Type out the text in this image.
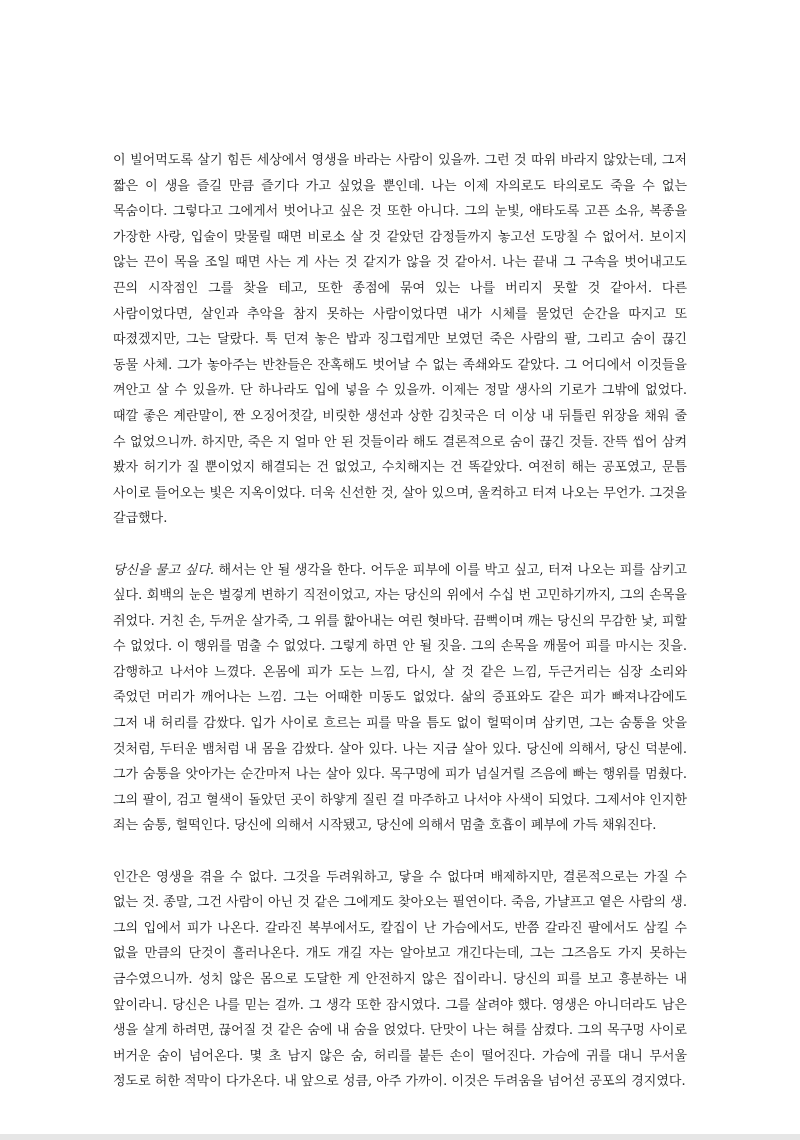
이 빌어먹도록 살기 힘든 세상에서 영생을 바라는 사람이 있을까. 그런 것 따위 바라지 않았는데, 그저 짧은 이 생을 즐길 만큼 즐기다 가고 싶었을 뿐인데. 나는 이제 자의로도 타의로도 죽을 수 없는 목숨이다. 그렇다고 그에게서 벗어나고 싶은 것 또한 아니다. 그의 눈빛, 애타도록 고픈 소유, 복종을 가장한 사랑, 입술이 맞물릴 때면 비로소 살 것 같았던 감정들까지 놓고선 도망칠 수 없어서. 보이지 않는 끈이 목을 조일 때면 사는 게 사는 것 같지가 않을 것 같아서. 나는 끝내 그 구속을 벗어내고도 끈의 시작점인 그를 찾을 테고, 또한 종점에 묶여 있는 나를 버리지 못할 것 같아서. 다른 사람이었다면, 살인과 추악을 참지 못하는 사람이었다면 내가 시체를 물었던 순간을 따지고 또 따졌겠지만, 그는 달랐다. 툭 던져 놓은 밥과 징그럽게만 보였던 죽은 사람의 팔, 그리고 숨이 끊긴 동물 사체. 그가 놓아주는 반찬들은 잔혹해도 벗어날 수 없는 족쇄와도 같았다. 그 어디에서 이것들을 껴안고 살 수 있을까. 단 하나라도 입에 넣을 수 있을까. 이제는 정말 생사의 기로가 그밖에 없었다. 때깔 좋은 계란말이, 짠 오징어젓갈, 비릿한 생선과 상한 김칫국은 더 이상 내 뒤틀린 위장을 채워 줄 수 없었으니까. 하지만, 죽은 지 얼마 안 된 것들이라 해도 결론적으로 숨이 끊긴 것들. 잔뜩 씹어 삼켜 봤자 허기가 질 뿐이었지 해결되는 건 없었고, 수치해지는 건 똑같았다. 여전히 해는 공포였고, 문틈 사이로 들어오는 빛은 지옥이었다. 더욱 신선한 것, 살아 있으며, 울컥하고 터져 나오는 무언가. 그것을 갈급했다.

당신을 물고 싶다. 해서는 안 될 생각을 한다. 어두운 피부에 이를 박고 싶고, 터져 나오는 피를 삼키고 싶다. 회백의 눈은 벌겋게 변하기 직전이었고, 자는 당신의 위에서 수십 번 고민하기까지, 그의 손목을 쥐었다. 거친 손, 두꺼운 살가죽, 그 위를 핥아내는 여린 혓바닥. 끔뻑이며 깨는 당신의 무감한 낯, 피할 수 없었다. 이 행위를 멈출 수 없었다. 그렇게 하면 안 될 짓을. 그의 손목을 깨물어 피를 마시는 짓을. 감행하고 나서야 느꼈다. 온몸에 피가 도는 느낌, 다시, 살 것 같은 느낌, 두근거리는 심장 소리와 죽었던 머리가 깨어나는 느낌. 그는 어때한 미동도 없었다. 삶의 증표와도 같은 피가 빠져나감에도 그저 내 허리를 감쌌다. 입가 사이로 흐르는 피를 막을 틈도 없이 헐떡이며 삼키면, 그는 숨통을 앗을 것처럼, 두터운 뱀처럼 내 몸을 감쌌다. 살아 있다. 나는 지금 살아 있다. 당신에 의해서, 당신 덕분에. 그가 숨통을 앗아가는 순간마저 나는 살아 있다. 목구멍에 피가 넘실거릴 즈음에 빠는 행위를 멈췄다. 그의 팔이, 검고 혈색이 돌았던 곳이 하얗게 질린 걸 마주하고 나서야 사색이 되었다. 그제서야 인지한 죄는 숨통, 헐떡인다. 당신에 의해서 시작됐고, 당신에 의해서 멈출 호흡이 폐부에 가득 채워진다.

인간은 영생을 겪을 수 없다. 그것을 두려워하고, 닿을 수 없다며 배제하지만, 결론적으로는 가질 수 없는 것. 종말, 그건 사람이 아닌 것 같은 그에게도 찾아오는 필연이다. 죽음, 가냘프고 옅은 사람의 생. 그의 입에서 피가 나온다. 갈라진 복부에서도, 칼집이 난 가슴에서도, 반쯤 갈라진 팔에서도 삼킬 수 없을 만큼의 단것이 흘러나온다. 개도 개길 자는 알아보고 개긴다는데, 그는 그즈음도 가지 못하는 금수였으니까. 성치 않은 몸으로 도달한 게 안전하지 않은 집이라니. 당신의 피를 보고 흥분하는 내 앞이라니. 당신은 나를 믿는 걸까. 그 생각 또한 잠시였다. 그를 살려야 했다. 영생은 아니더라도 남은 생을 살게 하려면, 끊어질 것 같은 숨에 내 숨을 얹었다. 단맛이 나는 혀를 삼켰다. 그의 목구멍 사이로 버거운 숨이 넘어온다. 몇 초 남지 않은 숨, 허리를 붙든 손이 떨어진다. 가슴에 귀를 대니 무서울 정도로 허한 적막이 다가온다. 내 앞으로 성큼, 아주 가까이. 이것은 두려움을 넘어선 공포의 경지였다.
